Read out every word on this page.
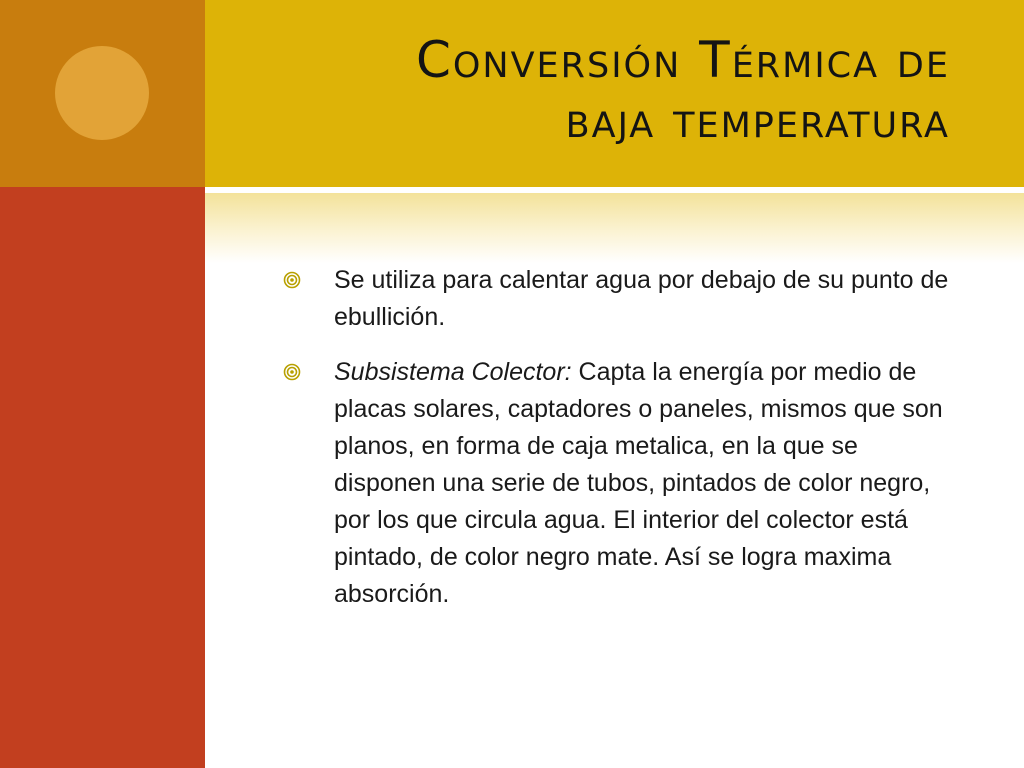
Conversión Térmica de
baja temperatura
Se utiliza para calentar agua por debajo de su punto de ebullición.
Subsistema Colector: Capta la energía por medio de placas solares, captadores o paneles, mismos que son planos, en forma de caja metalica, en la que se disponen una serie de tubos, pintados de color negro, por los que circula agua. El interior del colector está pintado, de color negro mate. Así se logra maxima absorción.
